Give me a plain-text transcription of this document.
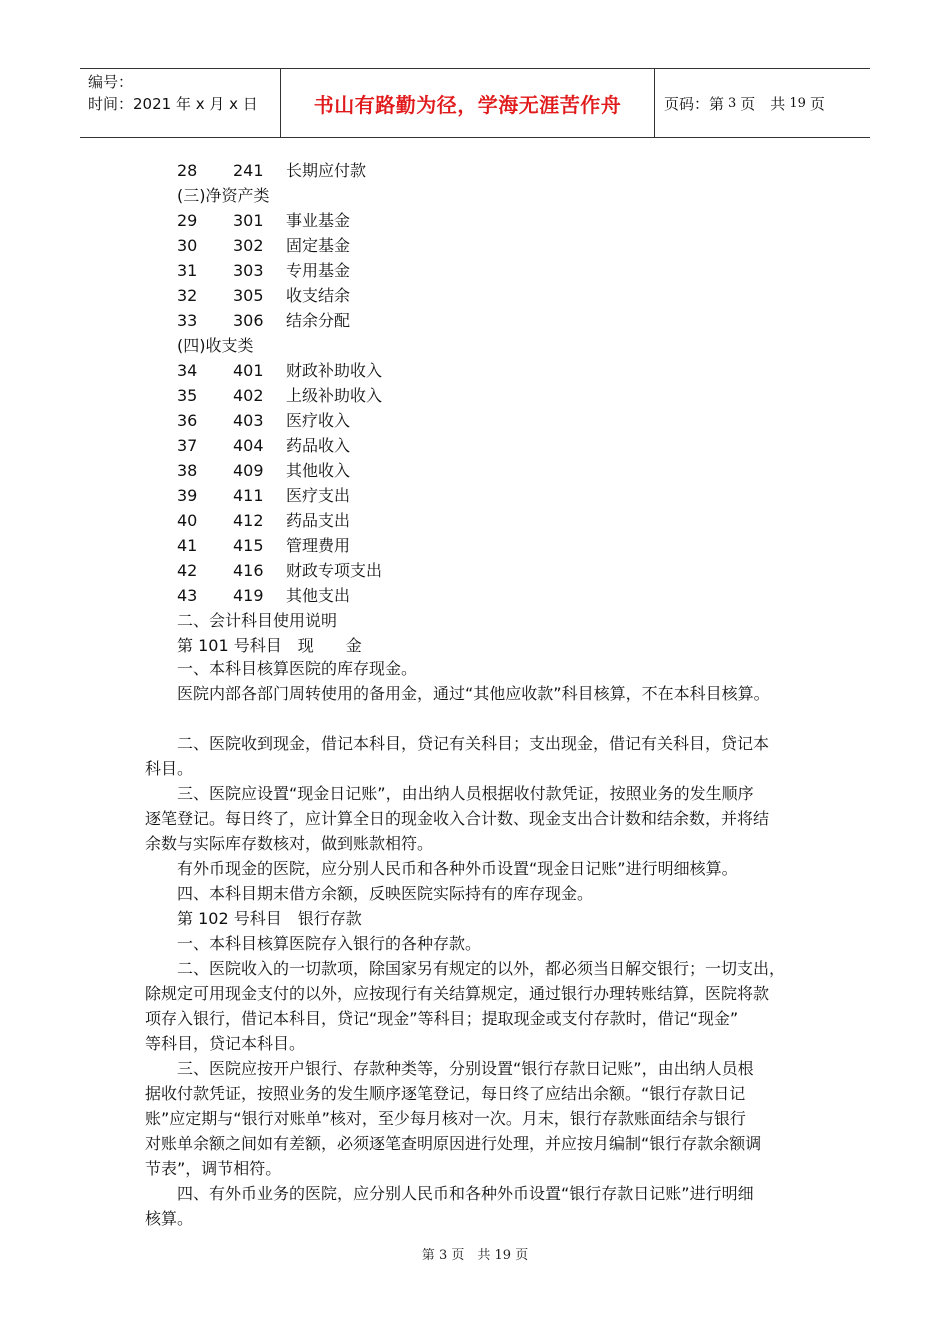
编号：
时间：2021 年 x 月 x 日	书山有路勤为径，学海无涯苦作舟	页码：第 3 页　共 19 页
28 241 长期应付款
(三)净资产类
29 301 事业基金
30 302 固定基金
31 303 专用基金
32 305 收支结余
33 306 结余分配
(四)收支类
34 401 财政补助收入
35 402 上级补助收入
36 403 医疗收入
37 404 药品收入
38 409 其他收入
39 411 医疗支出
40 412 药品支出
41 415 管理费用
42 416 财政专项支出
43 419 其他支出
二、会计科目使用说明
第 101 号科目　现　　金
一、本科目核算医院的库存现金。
医院内部各部门周转使用的备用金，通过“其他应收款”科目核算，不在本科目核算。

二、医院收到现金，借记本科目，贷记有关科目；支出现金，借记有关科目，贷记本
科目。
三、医院应设置“现金日记账”，由出纳人员根据收付款凭证，按照业务的发生顺序
逐笔登记。每日终了，应计算全日的现金收入合计数、现金支出合计数和结余数，并将结
余数与实际库存数核对，做到账款相符。
有外币现金的医院，应分别人民币和各种外币设置“现金日记账”进行明细核算。
四、本科目期末借方余额，反映医院实际持有的库存现金。
第 102 号科目　银行存款
一、本科目核算医院存入银行的各种存款。
二、医院收入的一切款项，除国家另有规定的以外，都必须当日解交银行；一切支出，
除规定可用现金支付的以外，应按现行有关结算规定，通过银行办理转账结算，医院将款
项存入银行，借记本科目，贷记“现金”等科目；提取现金或支付存款时，借记“现金”
等科目，贷记本科目。
三、医院应按开户银行、存款种类等，分别设置“银行存款日记账”，由出纳人员根
据收付款凭证，按照业务的发生顺序逐笔登记，每日终了应结出余额。“银行存款日记
账”应定期与“银行对账单”核对，至少每月核对一次。月末，银行存款账面结余与银行
对账单余额之间如有差额，必须逐笔查明原因进行处理，并应按月编制“银行存款余额调
节表”，调节相符。
四、有外币业务的医院，应分别人民币和各种外币设置“银行存款日记账”进行明细
核算。
第 3 页　共 19 页
